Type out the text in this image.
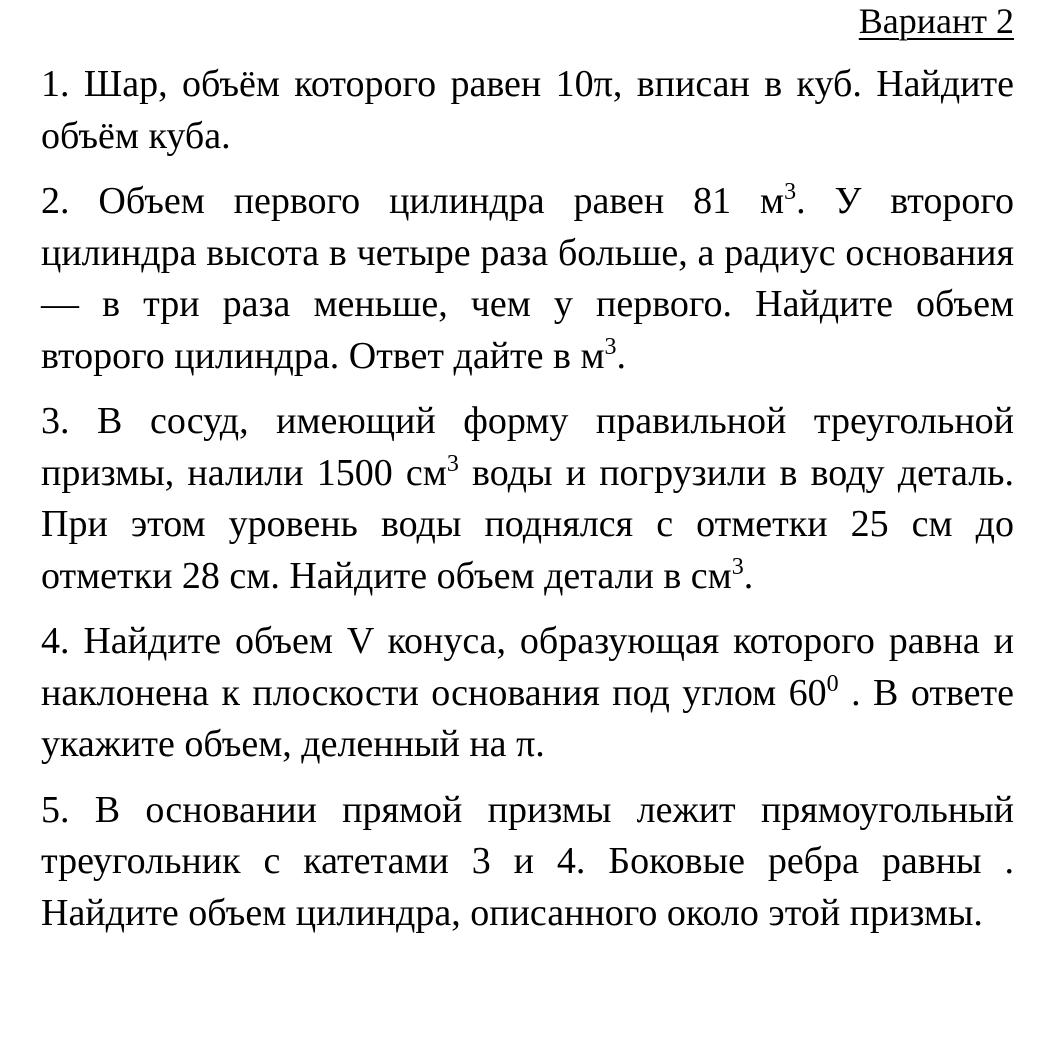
Вариант 2

1. Шар, объём которого равен 10π, вписан в куб. Найдите объём куба.

2. Объем первого цилиндра равен 81 $м^3$. У второго цилиндра высота в четыре раза больше, а радиус основания — в три раза меньше, чем у первого. Найдите объем второго цилиндра. Ответ дайте в $м^3$.

3. В сосуд, имеющий форму правильной треугольной призмы, налили 1500 $см^3$ воды и погрузили в воду деталь. При этом уровень воды поднялся с отметки 25 см до отметки 28 см. Найдите объем детали в $см^3$.

4. Найдите объем V конуса, образующая которого равна и наклонена к плоскости основания под углом $60^0$ . В ответе укажите объем, деленный на π.

5. В основании прямой призмы лежит прямоугольный треугольник с катетами 3 и 4. Боковые ребра равны . Найдите объем цилиндра, описанного около этой призмы.
